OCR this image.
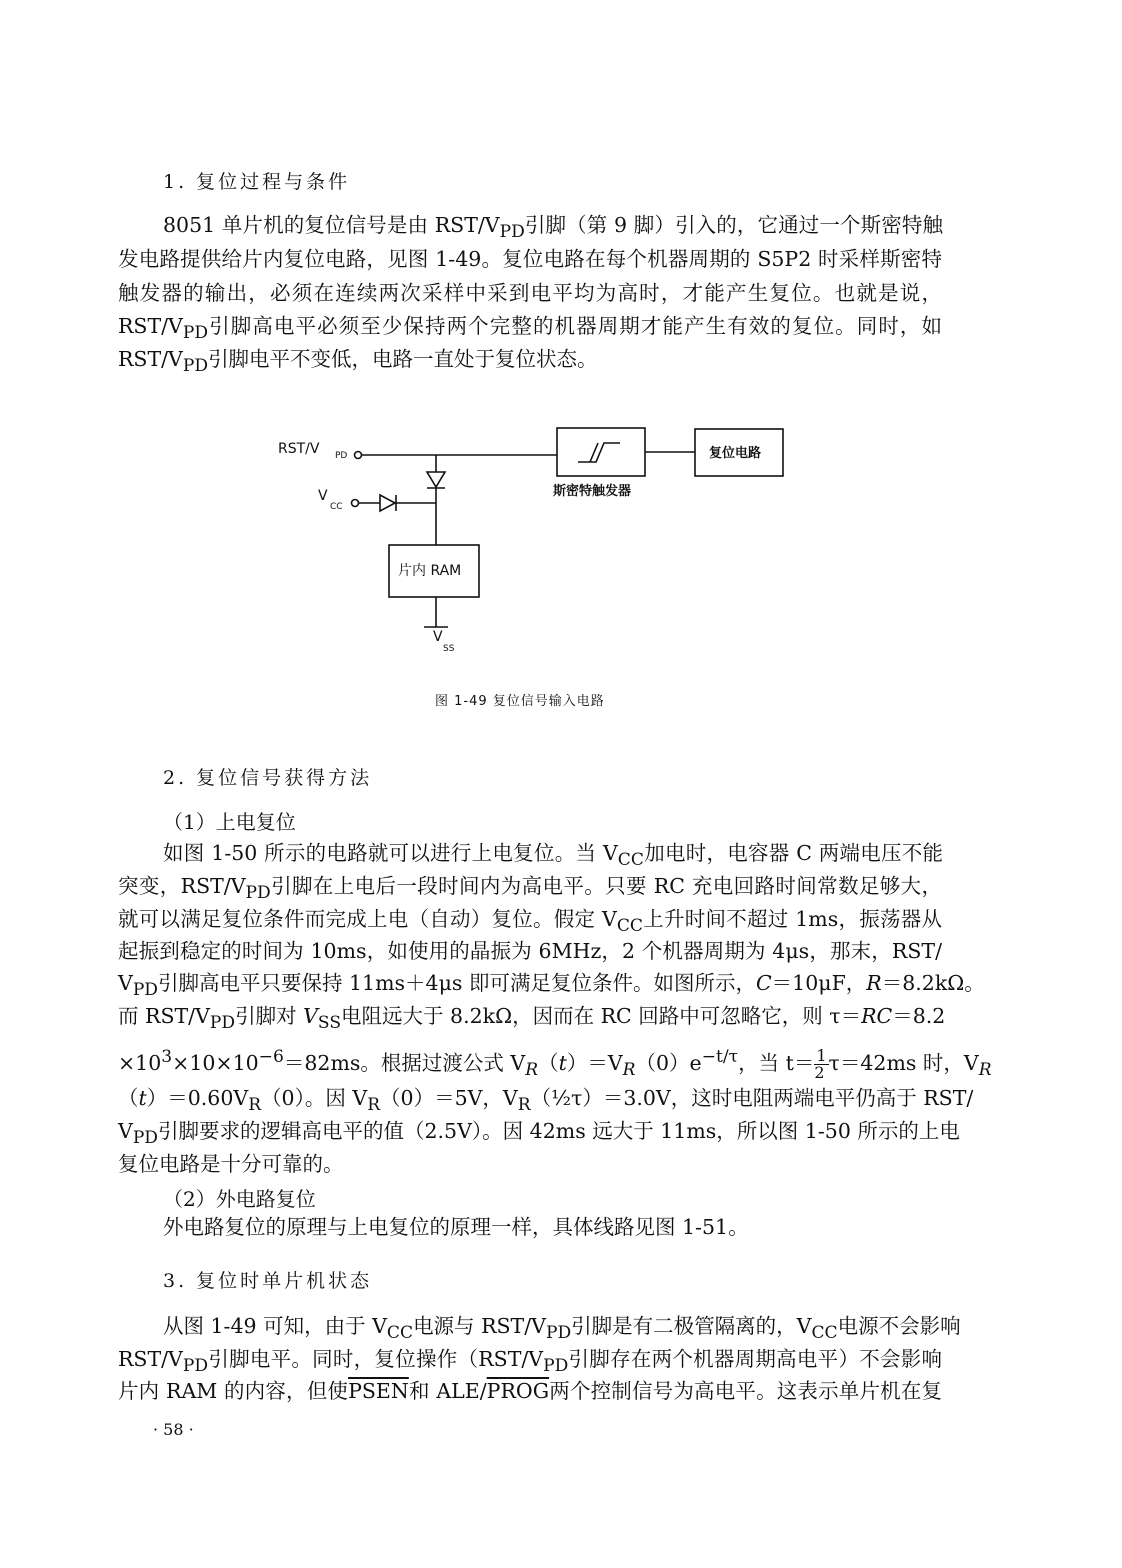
1. 复位过程与条件
8051 单片机的复位信号是由 RST/$V_{PD}$引脚（第 9 脚）引入的，它通过一个斯密特触
发电路提供给片内复位电路，见图 1-49。复位电路在每个机器周期的 S5P2 时采样斯密特
触发器的输出，必须在连续两次采样中采到电平均为高时，才能产生复位。也就是说，
RST/$V_{PD}$引脚高电平必须至少保持两个完整的机器周期才能产生有效的复位。同时，如
RST/$V_{PD}$引脚电平不变低，电路一直处于复位状态。
RST/V PD
V
CC
片内 RAM
V
SS
斯密特触发器
复位电路
图 1-49 复位信号输入电路
2. 复位信号获得方法
（1）上电复位
如图 1-50 所示的电路就可以进行上电复位。当 $V_{CC}$加电时，电容器 C 两端电压不能
突变，RST/$V_{PD}$引脚在上电后一段时间内为高电平。只要 RC 充电回路时间常数足够大，
就可以满足复位条件而完成上电（自动）复位。假定 $V_{CC}$上升时间不超过 1ms，振荡器从
起振到稳定的时间为 10ms，如使用的晶振为 6MHz，2 个机器周期为 4μs，那末，RST/
$V_{PD}$引脚高电平只要保持 11ms＋4μs 即可满足复位条件。如图所示，C＝10μF，R＝8.2kΩ。
而 RST/$V_{PD}$引脚对 $V_{SS}$电阻远大于 8.2kΩ，因而在 RC 回路中可忽略它，则 τ＝RC＝8.2
$\times 10^3\times 10\times 10^{-6}=82ms$。根据过渡公式 $V_R(t)=V_R(0)e^{-t/\tau}$，当 $t= \frac{1}{2} \tau=42ms$ 时，$V_R$
$(t)=0.60V_R(0)$。因 $V_R(0)=5V$，$V_R(\frac{1}{2}\tau)=3.0V$，这时电阻两端电平仍高于 RST/
$V_{PD}$引脚要求的逻辑高电平的值（2.5V）。因 42ms 远大于 11ms，所以图 1-50 所示的上电
复位电路是十分可靠的。
（2）外电路复位
外电路复位的原理与上电复位的原理一样，具体线路见图 1-51。
3. 复位时单片机状态
从图 1-49 可知，由于 $V_{CC}$电源与 RST/$V_{PD}$引脚是有二极管隔离的，$V_{CC}$电源不会影响
RST/$V_{PD}$引脚电平。同时，复位操作（$RST/V_{PD}$引脚存在两个机器周期高电平）不会影响
片内 RAM 的内容，但使PSEN和 ALE/PROG两个控制信号为高电平。这表示单片机在复
· 58 ·
